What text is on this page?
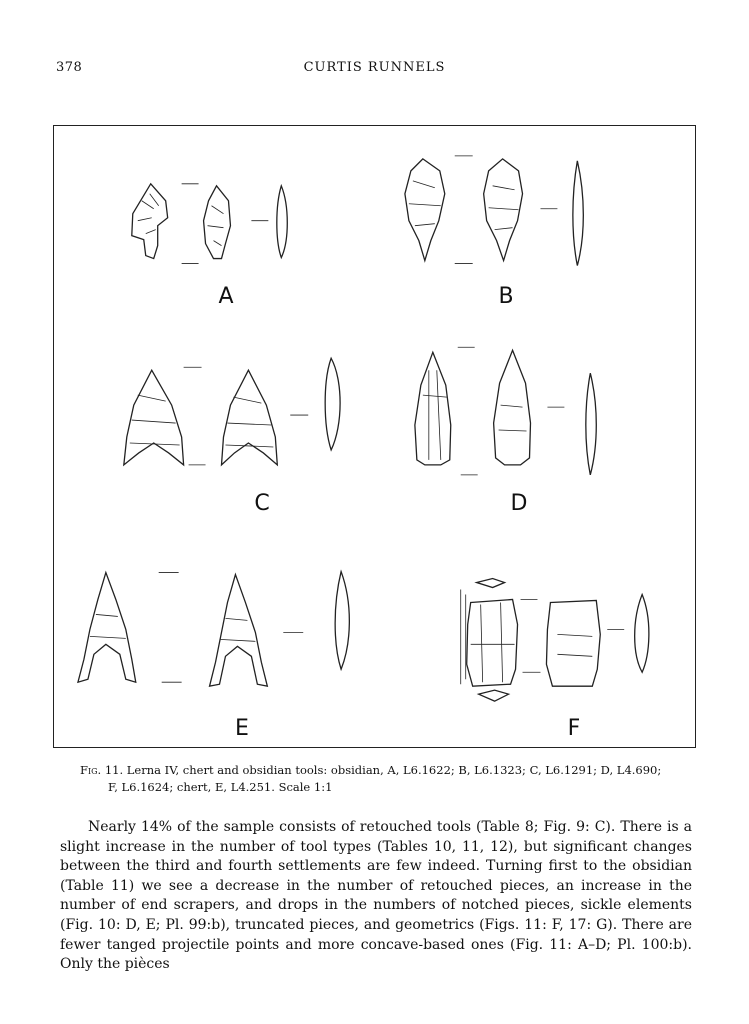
378	CURTIS RUNNELS
A	B
C	D
E	F
Fig. 11. Lerna IV, chert and obsidian tools: obsidian, A, L6.1622; B, L6.1323; C, L6.1291; D, L4.690;
F, L6.1624; chert, E, L4.251. Scale 1:1

Nearly 14% of the sample consists of retouched tools (Table 8; Fig. 9: C). There is a slight increase in the number of tool types (Tables 10, 11, 12), but significant changes between the third and fourth settlements are few indeed. Turning first to the obsidian (Table 11) we see a decrease in the number of retouched pieces, an increase in the number of end scrapers, and drops in the numbers of notched pieces, sickle elements (Fig. 10: D, E; Pl. 99:b), truncated pieces, and geometrics (Figs. 11: F, 17: G). There are fewer tanged projectile points and more concave-based ones (Fig. 11: A–D; Pl. 100:b). Only the pièces
